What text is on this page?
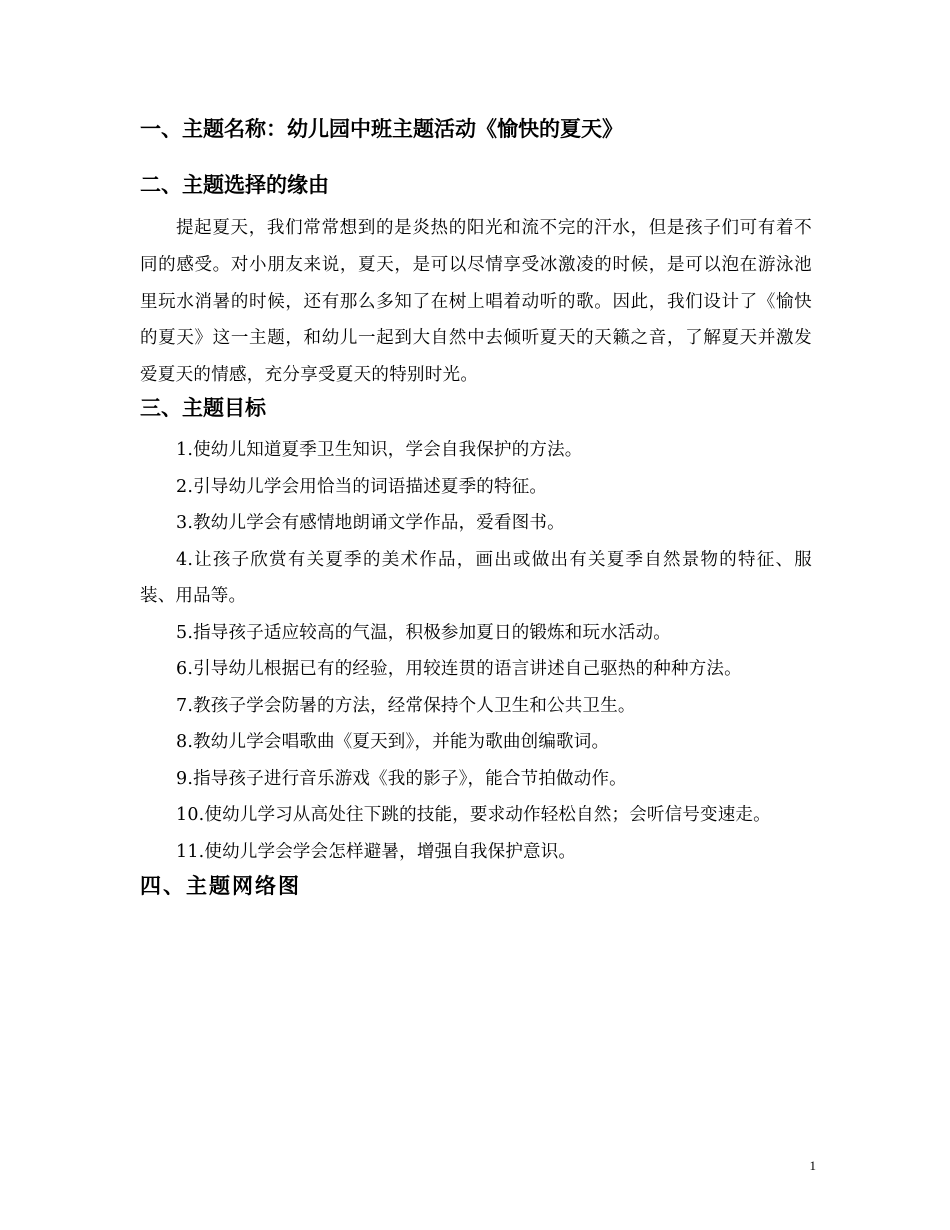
一、主题名称：幼儿园中班主题活动《愉快的夏天》
二、主题选择的缘由

提起夏天，我们常常想到的是炎热的阳光和流不完的汗水，但是孩子们可有着不同的感受。对小朋友来说，夏天，是可以尽情享受冰激凌的时候，是可以泡在游泳池里玩水消暑的时候，还有那么多知了在树上唱着动听的歌。因此，我们设计了《愉快的夏天》这一主题，和幼儿一起到大自然中去倾听夏天的天籁之音，了解夏天并激发爱夏天的情感，充分享受夏天的特别时光。

三、主题目标
1.使幼儿知道夏季卫生知识，学会自我保护的方法。
2.引导幼儿学会用恰当的词语描述夏季的特征。
3.教幼儿学会有感情地朗诵文学作品，爱看图书。
4.让孩子欣赏有关夏季的美术作品，画出或做出有关夏季自然景物的特征、服装、用品等。
5.指导孩子适应较高的气温，积极参加夏日的锻炼和玩水活动。
6.引导幼儿根据已有的经验，用较连贯的语言讲述自己驱热的种种方法。
7.教孩子学会防暑的方法，经常保持个人卫生和公共卫生。
8.教幼儿学会唱歌曲《夏天到》，并能为歌曲创编歌词。
9.指导孩子进行音乐游戏《我的影子》，能合节拍做动作。
10.使幼儿学习从高处往下跳的技能，要求动作轻松自然；会听信号变速走。
11.使幼儿学会学会怎样避暑，增强自我保护意识。
四、主题网络图
1
